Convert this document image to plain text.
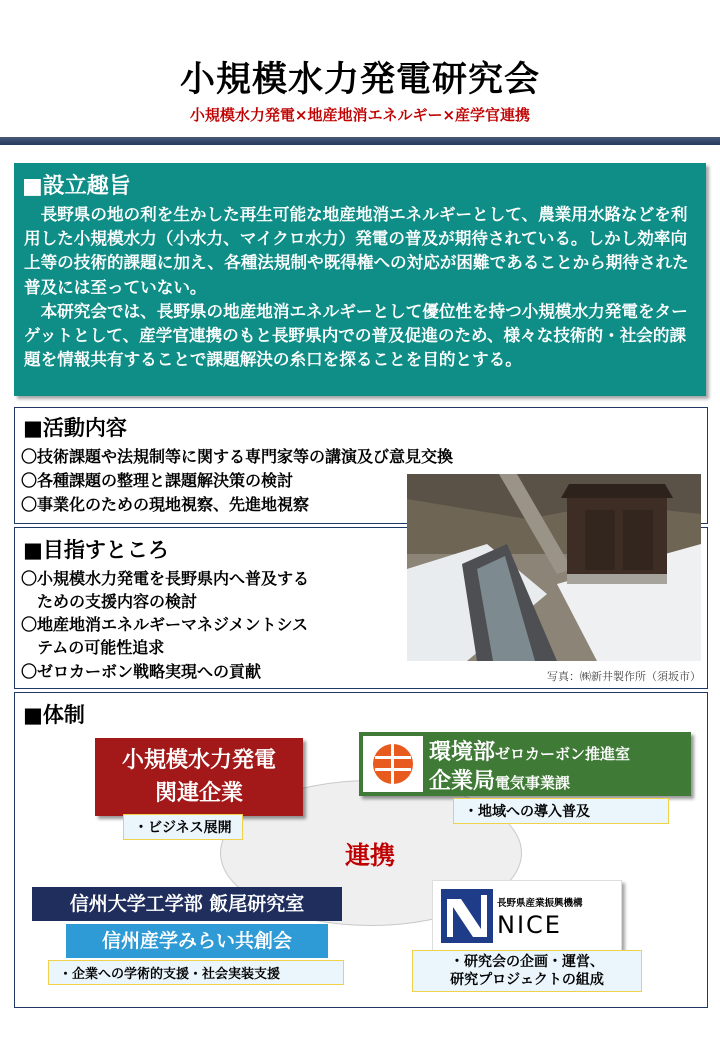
小規模水力発電研究会
小規模水力発電×地産地消エネルギー×産学官連携
■設立趣旨

長野県の地の利を生かした再生可能な地産地消エネルギーとして、農業用水路などを利用した小規模水力（小水力、マイクロ水力）発電の普及が期待されている。しかし効率向上等の技術的課題に加え、各種法規制や既得権への対応が困難であることから期待された普及には至っていない。

本研究会では、長野県の地産地消エネルギーとして優位性を持つ小規模水力発電をターゲットとして、産学官連携のもと長野県内での普及促進のため、様々な技術的・社会的課題を情報共有することで課題解決の糸口を探ることを目的とする。

■活動内容
〇技術課題や法規制等に関する専門家等の講演及び意見交換
〇各種課題の整理と課題解決策の検討
〇事業化のための現地視察、先進地視察
■目指すところ
〇小規模水力発電を長野県内へ普及する
　ための支援内容の検討
〇地産地消エネルギーマネジメントシス
　テムの可能性追求
〇ゼロカーボン戦略実現への貢献	写真：㈱新井製作所（須坂市）
■体制
連携
小規模水力発電
関連企業
・ビジネス展開
環境部ゼロカーボン推進室
企業局電気事業課
・地域への導入普及
信州大学工学部 飯尾研究室
信州産学みらい共創会
・企業への学術的支援・社会実装支援
長野県産業振興機構
NICE
・研究会の企画・運営、
研究プロジェクトの組成
